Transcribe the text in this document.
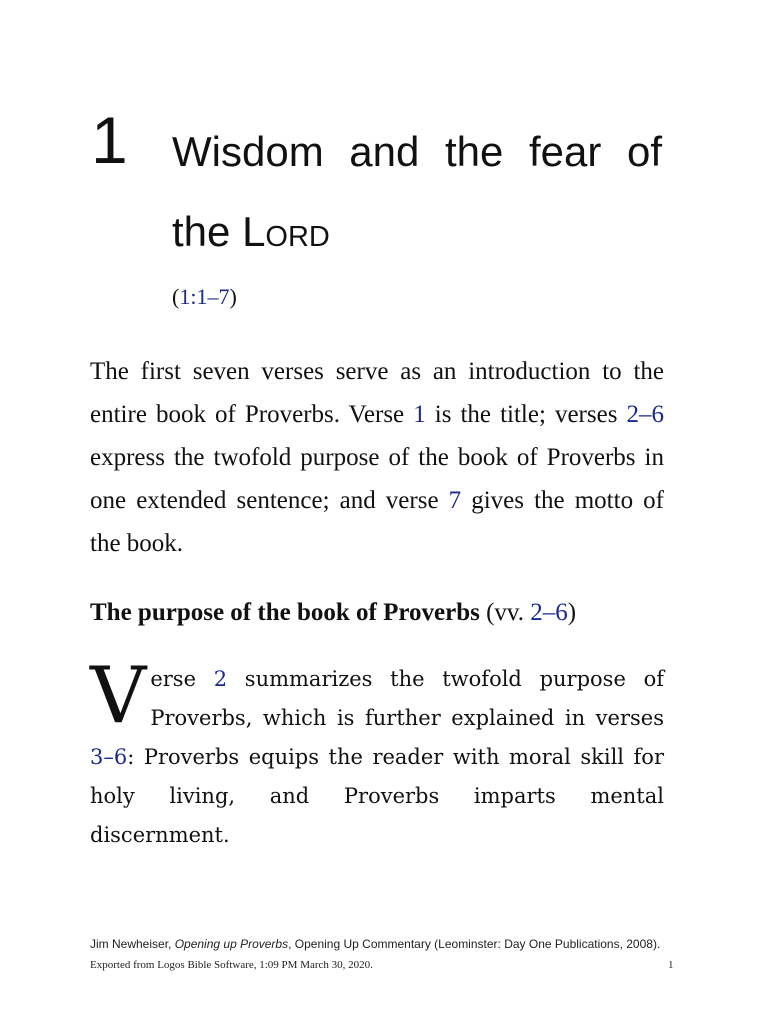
1 Wisdom and the fear of the Lord
(1:1–7)

The first seven verses serve as an introduction to the entire book of Proverbs. Verse 1 is the title; verses 2–6 express the twofold purpose of the book of Proverbs in one extended sentence; and verse 7 gives the motto of the book.

The purpose of the book of Proverbs (vv. 2–6)

Verse 2 summarizes the twofold purpose of Proverbs, which is further explained in verses 3–6: Proverbs equips the reader with moral skill for holy living, and Proverbs imparts mental discernment.

Jim Newheiser, Opening up Proverbs, Opening Up Commentary (Leominster: Day One Publications, 2008).
Exported from Logos Bible Software, 1:09 PM March 30, 2020.	1
